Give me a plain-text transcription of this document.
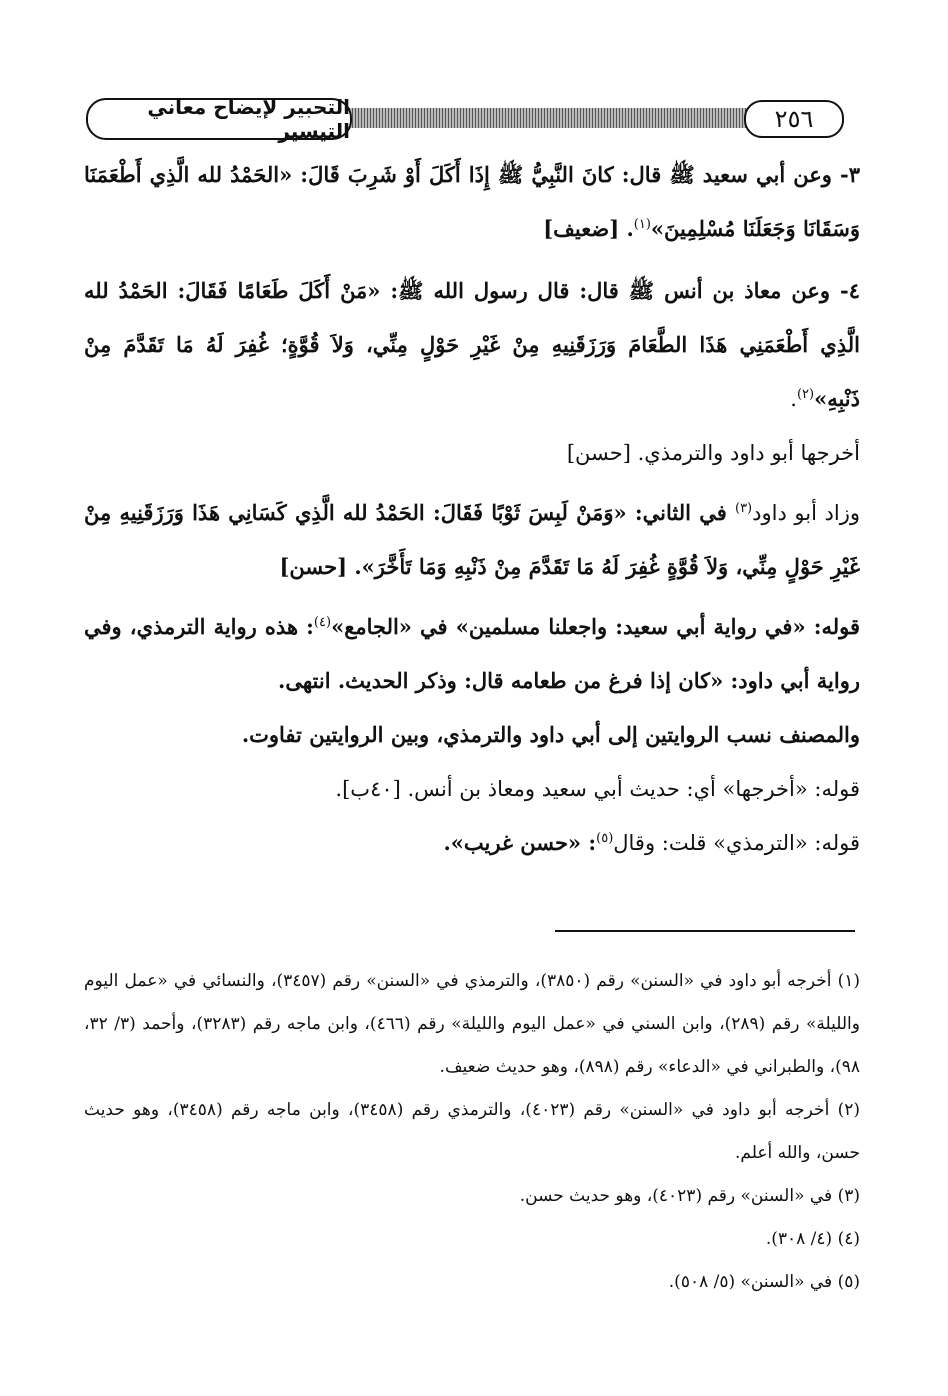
التحبير لإيضاح معاني التيسير	٢٥٦

٣- وعن أبي سعيد ﷺ قال: كانَ النَّبِيُّ ﷺ إِذَا أَكَلَ أَوْ شَرِبَ قَالَ: «الحَمْدُ لله الَّذِي أَطْعَمَنَا وَسَقَانَا وَجَعَلَنَا مُسْلِمِينَ»$^{(١)}$. [ضعيف]

٤- وعن معاذ بن أنس ﷺ قال: قال رسول الله ﷺ: «مَنْ أَكَلَ طَعَامًا فَقَالَ: الحَمْدُ لله الَّذِي أَطْعَمَنِي هَذَا الطَّعَامَ وَرَزَقَنِيهِ مِنْ غَيْرِ حَوْلٍ مِنِّي، وَلاَ قُوَّةٍ؛ غُفِرَ لَهُ مَا تَقَدَّمَ مِنْ ذَنْبِهِ»$^{(٢)}$.

أخرجها أبو داود والترمذي. [حسن]

وزاد أبو داود$^{(٣)}$ في الثاني: «وَمَنْ لَبِسَ ثَوْبًا فَقَالَ: الحَمْدُ لله الَّذِي كَسَانِي هَذَا وَرَزَقَنِيهِ مِنْ غَيْرِ حَوْلٍ مِنِّي، وَلاَ قُوَّةٍ غُفِرَ لَهُ مَا تَقَدَّمَ مِنْ ذَنْبِهِ وَمَا تَأَخَّرَ». [حسن]

قوله: «في رواية أبي سعيد: واجعلنا مسلمين» في «الجامع»$^{(٤)}$: هذه رواية الترمذي، وفي رواية أبي داود: «كان إذا فرغ من طعامه قال: وذكر الحديث. انتهى.

والمصنف نسب الروايتين إلى أبي داود والترمذي، وبين الروايتين تفاوت.

قوله: «أخرجها» أي: حديث أبي سعيد ومعاذ بن أنس. [٤٠ب].

قوله: «الترمذي» قلت: وقال$^{(٥)}$: «حسن غريب».

(١) أخرجه أبو داود في «السنن» رقم (٣٨٥٠)، والترمذي في «السنن» رقم (٣٤٥٧)، والنسائي في «عمل اليوم والليلة» رقم (٢٨٩)، وابن السني في «عمل اليوم والليلة» رقم (٤٦٦)، وابن ماجه رقم (٣٢٨٣)، وأحمد (٣/ ٣٢، ٩٨)، والطبراني في «الدعاء» رقم (٨٩٨)، وهو حديث ضعيف.

(٢) أخرجه أبو داود في «السنن» رقم (٤٠٢٣)، والترمذي رقم (٣٤٥٨)، وابن ماجه رقم (٣٤٥٨)، وهو حديث حسن، والله أعلم.

(٣) في «السنن» رقم (٤٠٢٣)، وهو حديث حسن.

(٤) (٤/ ٣٠٨).

(٥) في «السنن» (٥/ ٥٠٨).
